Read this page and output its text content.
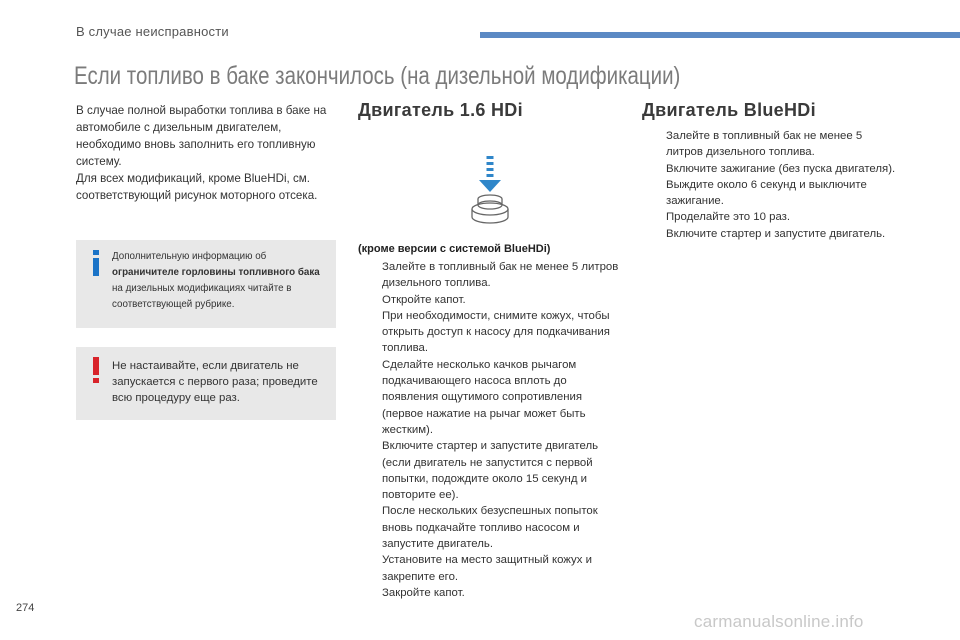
В случае неисправности
Если топливо в баке закончилось (на дизельной модификации)

В случае полной выработки топлива в баке на автомобиле с дизельным двигателем, необходимо вновь заполнить его топливную систему.

Для всех модификаций, кроме BlueHDi, см. соответствующий рисунок моторного отсека.

Дополнительную информацию об ограничителе горловины топливного бака на дизельных модификациях читайте в соответствующей рубрике.
Не настаивайте, если двигатель не запускается с первого раза; проведите всю процедуру еще раз.
Двигатель 1.6 HDi
(кроме версии с системой BlueHDi)
Залейте в топливный бак не менее 5 литров дизельного топлива.
Откройте капот.
При необходимости, снимите кожух, чтобы открыть доступ к насосу для подкачивания топлива.
Сделайте несколько качков рычагом подкачивающего насоса вплоть до появления ощутимого сопротивления (первое нажатие на рычаг может быть жестким).
Включите стартер и запустите двигатель (если двигатель не запустится с первой попытки, подождите около 15 секунд и повторите ее).
После нескольких безуспешных попыток вновь подкачайте топливо насосом и запустите двигатель.
Установите на место защитный кожух и закрепите его.
Закройте капот.
Двигатель BlueHDi
Залейте в топливный бак не менее 5 литров дизельного топлива.
Включите зажигание (без пуска двигателя).
Выждите около 6 секунд и выключите зажигание.
Проделайте это 10 раз.
Включите стартер и запустите двигатель.
274
carmanualsonline.info
